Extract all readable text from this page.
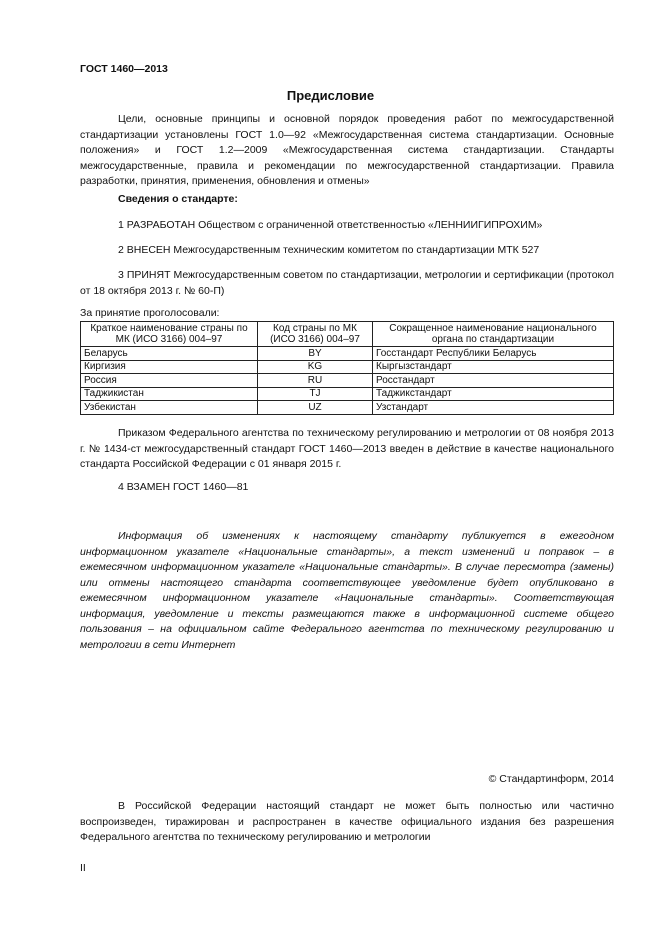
ГОСТ 1460—2013
Предисловие

Цели, основные принципы и основной порядок проведения работ по межгосударственной стандартизации установлены ГОСТ 1.0—92 «Межгосударственная система стандартизации. Основные положения» и ГОСТ 1.2—2009 «Межгосударственная система стандартизации. Стандарты межгосударственные, правила и рекомендации по межгосударственной стандартизации. Правила разработки, принятия, применения, обновления и отмены»

Сведения о стандарте:

1 РАЗРАБОТАН Обществом с ограниченной ответственностью «ЛЕННИИГИПРОХИМ»

2 ВНЕСЕН Межгосударственным техническим комитетом по стандартизации МТК 527

3 ПРИНЯТ Межгосударственным советом по стандартизации, метрологии и сертификации (протокол от 18 октября 2013 г. № 60-П)

За принятие проголосовали:

Краткое наименование страны по МК (ИСО 3166) 004–97	Код страны по МК (ИСО 3166) 004–97	Сокращенное наименование национального органа по стандартизации
Беларусь	BY	Госстандарт Республики Беларусь
Киргизия	KG	Кыргызстандарт
Россия	RU	Росстандарт
Таджикистан	TJ	Таджикстандарт
Узбекистан	UZ	Узстандарт

Приказом Федерального агентства по техническому регулированию и метрологии от 08 ноября 2013 г. № 1434-ст межгосударственный стандарт ГОСТ 1460—2013 введен в действие в качестве национального стандарта Российской Федерации с 01 января 2015 г.

4 ВЗАМЕН ГОСТ 1460—81

Информация об изменениях к настоящему стандарту публикуется в ежегодном информационном указателе «Национальные стандарты», а текст изменений и поправок – в ежемесячном информационном указателе «Национальные стандарты». В случае пересмотра (замены) или отмены настоящего стандарта соответствующее уведомление будет опубликовано в ежемесячном информационном указателе «Национальные стандарты». Соответствующая информация, уведомление и тексты размещаются также в информационной системе общего пользования – на официальном сайте Федерального агентства по техническому регулированию и метрологии в сети Интернет

© Стандартинформ, 2014

В Российской Федерации настоящий стандарт не может быть полностью или частично воспроизведен, тиражирован и распространен в качестве официального издания без разрешения Федерального агентства по техническому регулированию и метрологии

II
